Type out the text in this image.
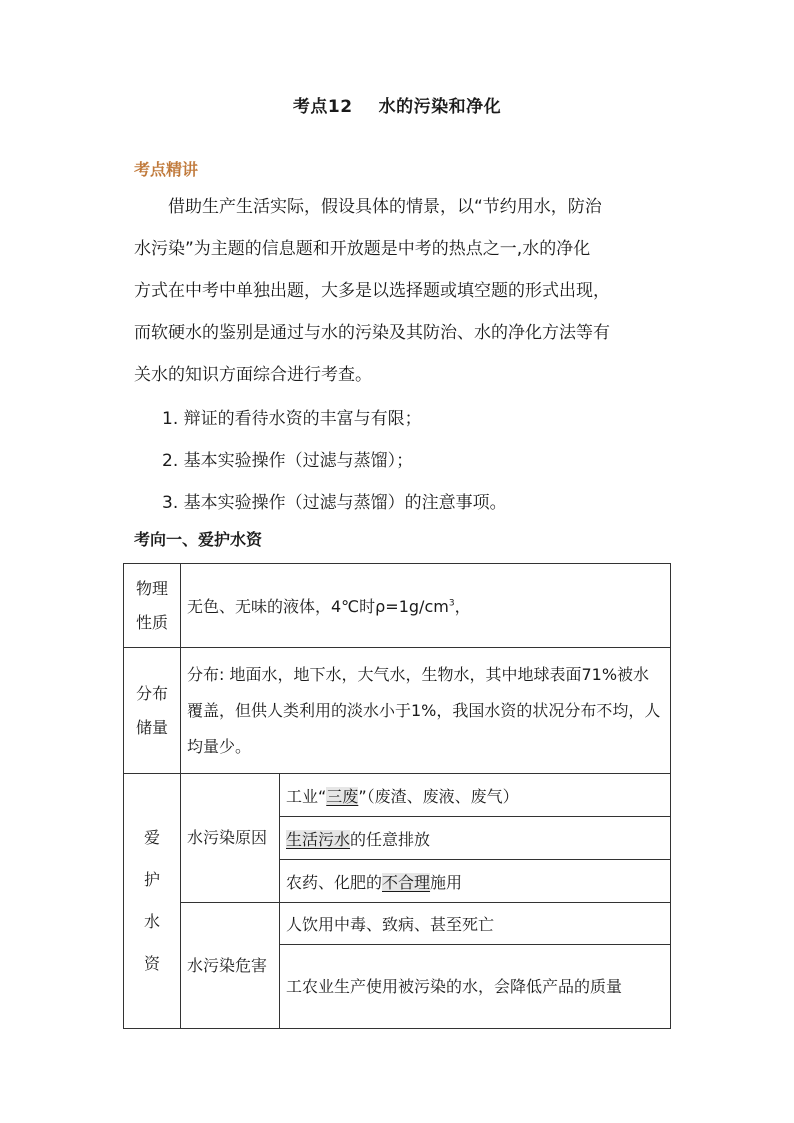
考点12 水的污染和净化
考点精讲
借助生产生活实际，假设具体的情景，以“节约用水，防治
水污染”为主题的信息题和开放题是中考的热点之一,水的净化
方式在中考中单独出题，大多是以选择题或填空题的形式出现，
而软硬水的鉴别是通过与水的污染及其防治、水的净化方法等有
关水的知识方面综合进行考查。
1. 辩证的看待水资的丰富与有限；
2. 基本实验操作（过滤与蒸馏）；
3. 基本实验操作（过滤与蒸馏）的注意事项。
考向一、爱护水资
物理性质	无色、无味的液体，4℃时$\rho=1g/cm^3$，	
分布储量	分布: 地面水，地下水，大气水，生物水，其中地球表面71%被水覆盖，但供人类利用的淡水小于1%，我国水资的状况分布不均，人均量少。	
爱护水资	水污染原因	工业“三废”（废渣、废液、废气）
		生活污水的任意排放
		农药、化肥的不合理施用
	水污染危害	人饮用中毒、致病、甚至死亡
		工农业生产使用被污染的水，会降低产品的质量
